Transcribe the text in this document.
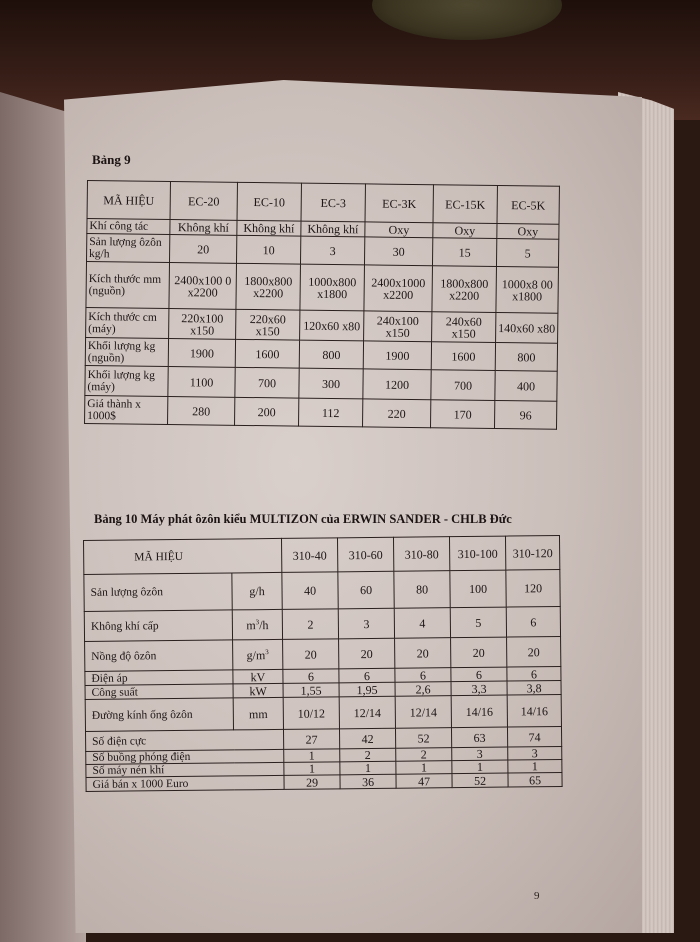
Bảng 9
MÃ HIỆU	EC-20	EC-10	EC-3	EC-3K	EC-15K	EC-5K
Khí công tác	Không khí	Không khí	Không khí	Oxy	Oxy	Oxy
Sản lượng ôzôn kg/h	20	10	3	30	15	5
Kích thước mm (nguồn)	2400x100 0 x2200	1800x800 x2200	1000x800 x1800	2400x1000 x2200	1800x800 x2200	1000x8 00 x1800
Kích thước cm (máy)	220x100 x150	220x60 x150	120x60 x80	240x100 x150	240x60 x150	140x60 x80
Khối lượng kg (nguồn)	1900	1600	800	1900	1600	800
Khối lượng kg (máy)	1100	700	300	1200	700	400
Giá thành x 1000$	280	200	112	220	170	96
Bảng 10 Máy phát ôzôn kiểu MULTIZON của ERWIN SANDER - CHLB Đức
MÃ HIỆU		310-40	310-60	310-80	310-100	310-120
Sản lượng ôzôn	g/h	40	60	80	100	120
Không khí cấp	$m^3/h$	2	3	4	5	6
Nồng độ ôzôn	$g/m^3$	20	20	20	20	20
Điện áp	kV	6	6	6	6	6
Công suất	kW	1,55	1,95	2,6	3,3	3,8
Đường kính ống ôzôn	mm	10/12	12/14	12/14	14/16	14/16
Số điện cực		27	42	52	63	74
Số buồng phóng điện		1	2	2	3	3
Số máy nén khí		1	1	1	1	1
Giá bán x 1000 Euro		29	36	47	52	65
9
